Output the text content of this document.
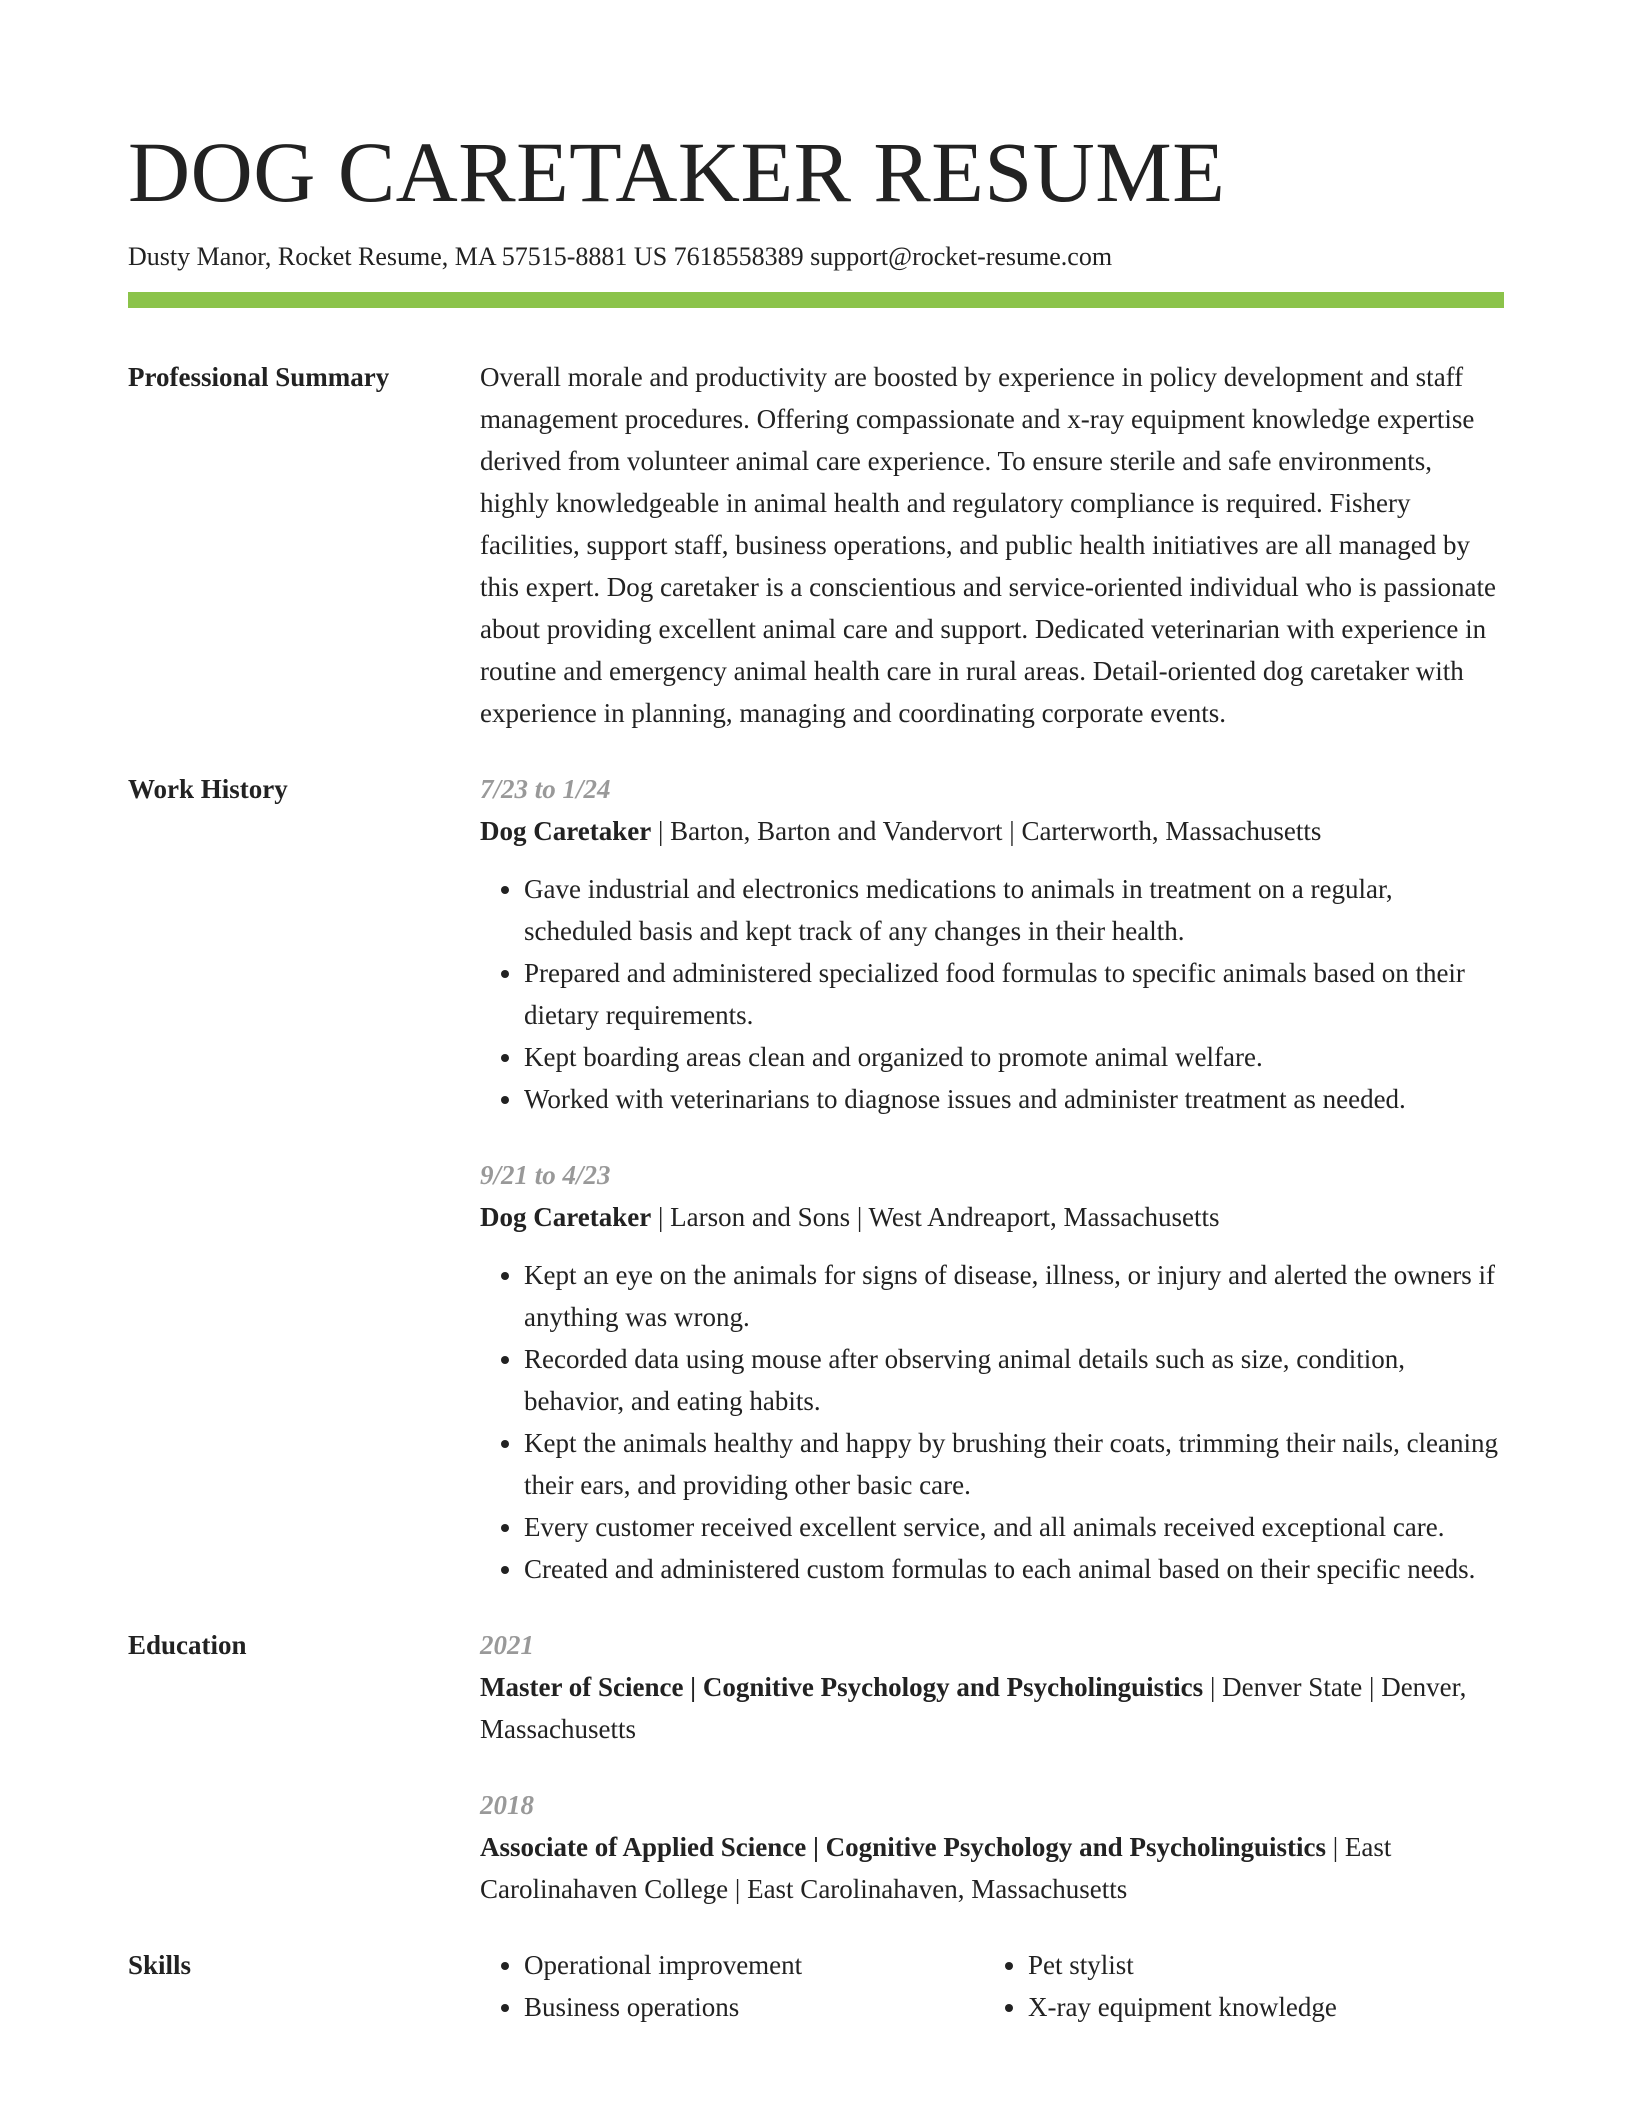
DOG CARETAKER RESUME
Dusty Manor, Rocket Resume, MA 57515-8881 US 7618558389 support@rocket-resume.com
Professional Summary	Overall morale and productivity are boosted by experience in policy development and staff management procedures. Offering compassionate and x-ray equipment knowledge expertise derived from volunteer animal care experience. To ensure sterile and safe environments, highly knowledgeable in animal health and regulatory compliance is required. Fishery facilities, support staff, business operations, and public health initiatives are all managed by this expert. Dog caretaker is a conscientious and service-oriented individual who is passionate about providing excellent animal care and support. Dedicated veterinarian with experience in routine and emergency animal health care in rural areas. Detail-oriented dog caretaker with experience in planning, managing and coordinating corporate events.

Work History	7/23 to 1/24
Dog Caretaker | Barton, Barton and Vandervort | Carterworth, Massachusetts
• Gave industrial and electronics medications to animals in treatment on a regular, scheduled basis and kept track of any changes in their health.
• Prepared and administered specialized food formulas to specific animals based on their dietary requirements.
• Kept boarding areas clean and organized to promote animal welfare.
• Worked with veterinarians to diagnose issues and administer treatment as needed.
9/21 to 4/23
Dog Caretaker | Larson and Sons | West Andreaport, Massachusetts
• Kept an eye on the animals for signs of disease, illness, or injury and alerted the owners if anything was wrong.
• Recorded data using mouse after observing animal details such as size, condition, behavior, and eating habits.
• Kept the animals healthy and happy by brushing their coats, trimming their nails, cleaning their ears, and providing other basic care.
• Every customer received excellent service, and all animals received exceptional care.
• Created and administered custom formulas to each animal based on their specific needs.
Education	2021
Master of Science | Cognitive Psychology and Psycholinguistics | Denver State | Denver, Massachusetts
2018
Associate of Applied Science | Cognitive Psychology and Psycholinguistics | East Carolinahaven College | East Carolinahaven, Massachusetts
Skills
•	Operational improvement
• Business operations
• Pet stylist
• X-ray equipment knowledge
